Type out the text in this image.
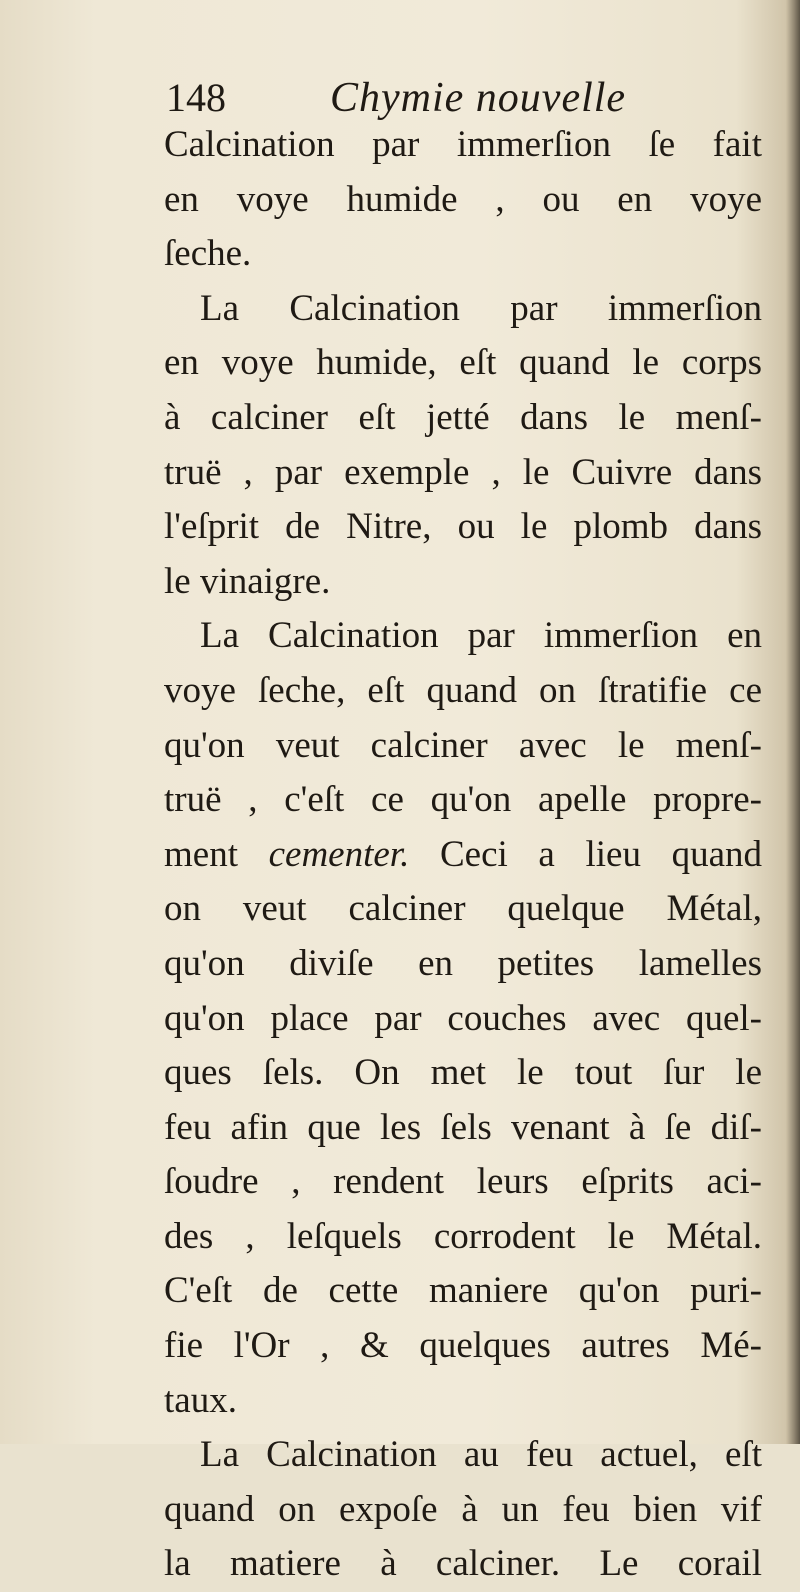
148 Chymie nouvelle
Calcination par immerſion ſe fait
en voye humide , ou en voye
ſeche.
La Calcination par immerſion
en voye humide, eſt quand le corps
à calciner eſt jetté dans le menſ-
truë , par exemple , le Cuivre dans
l'eſprit de Nitre, ou le plomb dans
le vinaigre.
La Calcination par immerſion en
voye ſeche, eſt quand on ſtratifie ce
qu'on veut calciner avec le menſ-
truë , c'eſt ce qu'on apelle propre-
ment cementer. Ceci a lieu quand
on veut calciner quelque Métal,
qu'on diviſe en petites lamelles
qu'on place par couches avec quel-
ques ſels. On met le tout ſur le
feu afin que les ſels venant à ſe diſ-
ſoudre , rendent leurs eſprits aci-
des , leſquels corrodent le Métal.
C'eſt de cette maniere qu'on puri-
fie l'Or , & quelques autres Mé-
taux.
La Calcination au feu actuel, eſt
quand on expoſe à un feu bien vif
la matiere à calciner. Le corail
